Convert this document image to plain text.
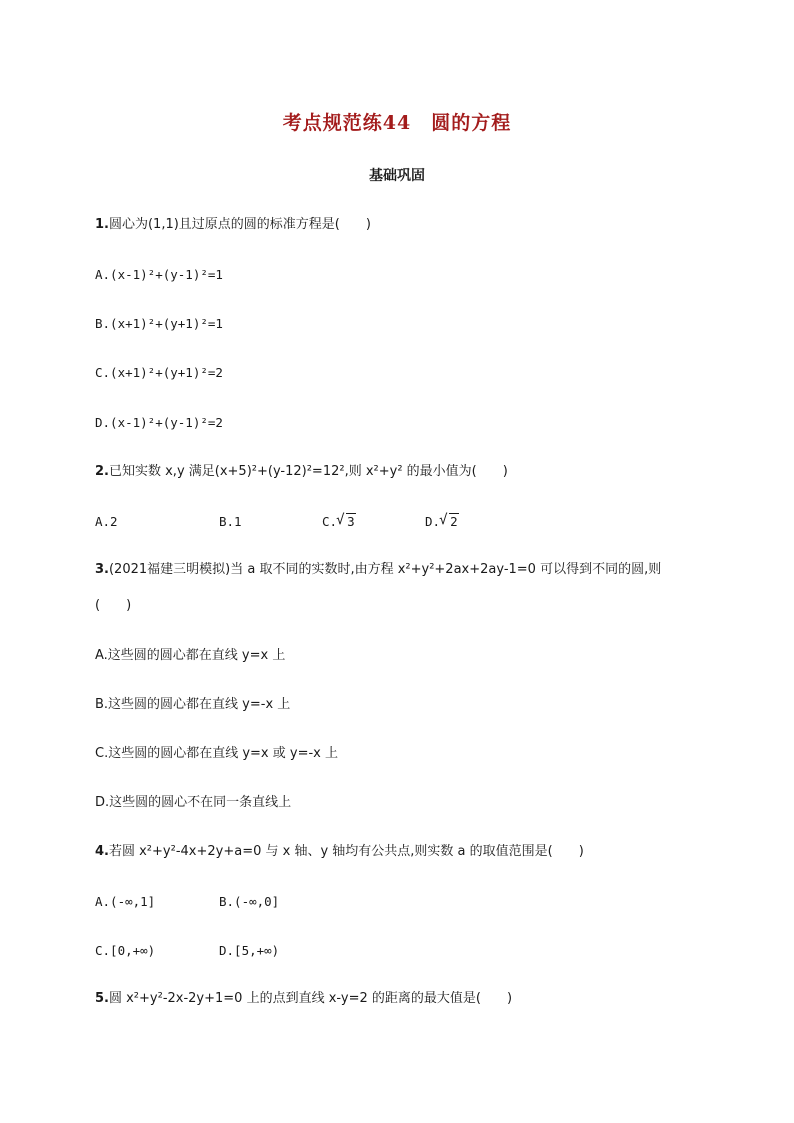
考点规范练44　圆的方程
基础巩固
1.圆心为(1,1)且过原点的圆的标准方程是(　　)
A.(x-1)²+(y-1)²=1
B.(x+1)²+(y+1)²=1
C.(x+1)²+(y+1)²=2
D.(x-1)²+(y-1)²=2
2.已知实数 x,y 满足(x+5)²+(y-12)²=12²,则 x²+y² 的最小值为(　　)
A.2	B.1	C. √ 3	D. √ 2
3.(2021福建三明模拟)当 a 取不同的实数时,由方程 x²+y²+2ax+2ay-1=0 可以得到不同的圆,则
(　　)
A.这些圆的圆心都在直线 y=x 上
B.这些圆的圆心都在直线 y=-x 上
C.这些圆的圆心都在直线 y=x 或 y=-x 上
D.这些圆的圆心不在同一条直线上
4.若圆 x²+y²-4x+2y+a=0 与 x 轴、y 轴均有公共点,则实数 a 的取值范围是(　　)
A.(-∞,1]	B.(-∞,0]
C.[0,+∞)	D.[5,+∞)
5.圆 x²+y²-2x-2y+1=0 上的点到直线 x-y=2 的距离的最大值是(　　)
